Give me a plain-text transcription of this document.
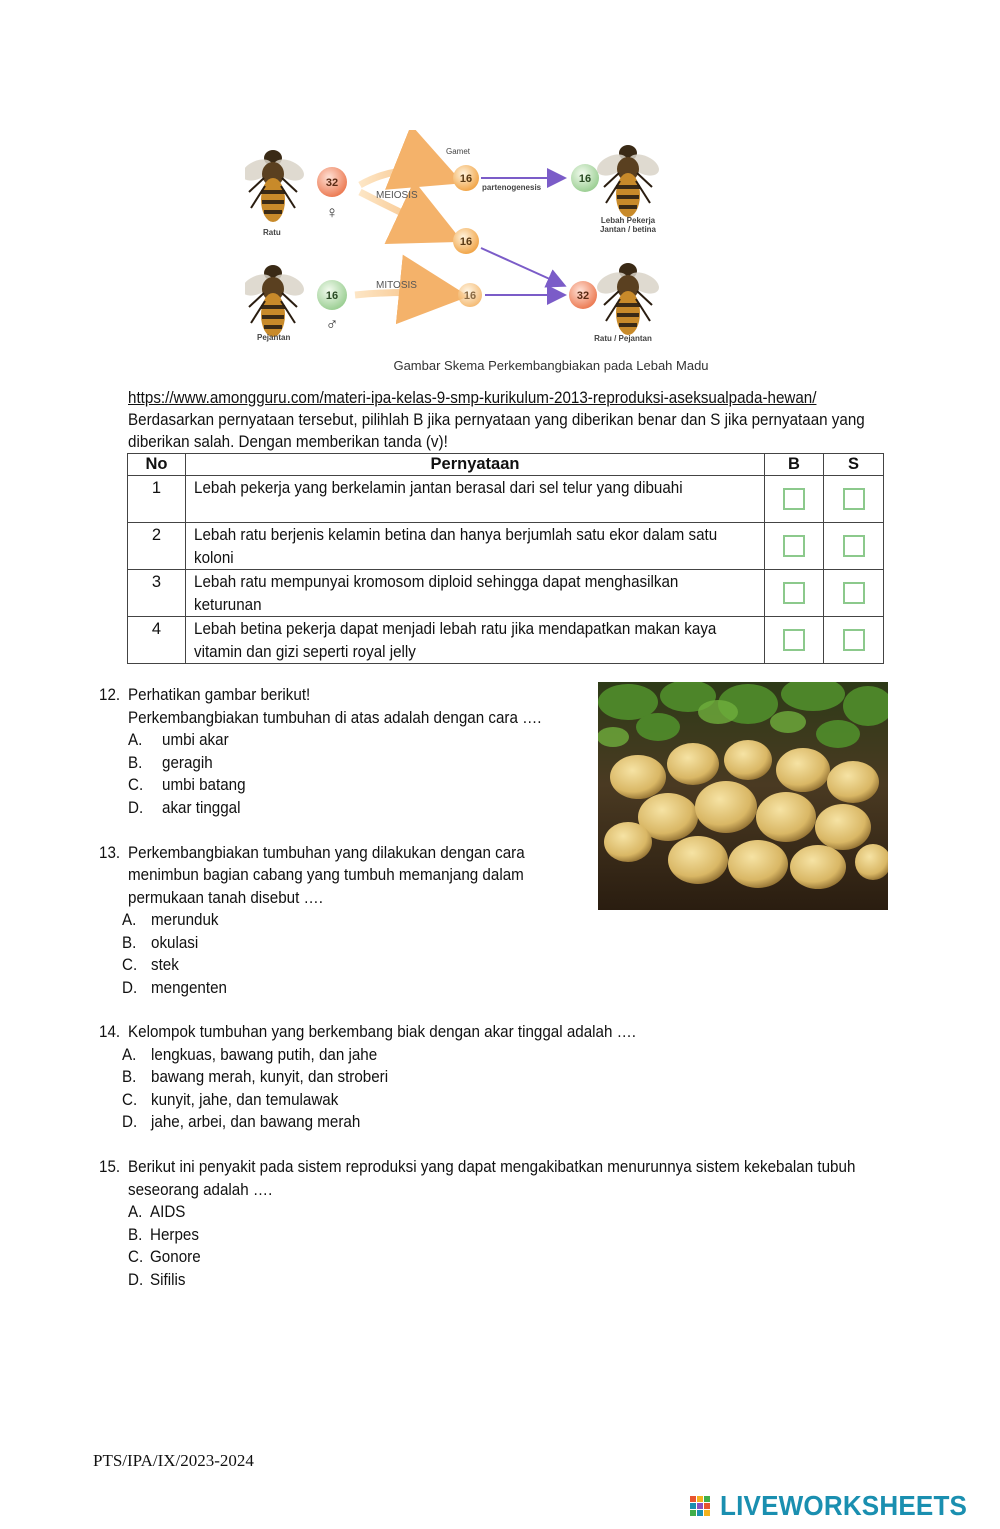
32	16	16
16
16	16	32
♀
♂
Gamet
MEIOSIS
MITOSIS
partenogenesis
Ratu
Pejantan
Lebah Pekerja
Jantan / betina
Ratu / Pejantan
Gambar Skema Perkembangbiakan pada Lebah Madu
https://www.amongguru.com/materi-ipa-kelas-9-smp-kurikulum-2013-reproduksi-aseksualpada-hewan/
Berdasarkan pernyataan tersebut, pilihlah B jika pernyataan yang diberikan benar dan S jika pernyataan yang
diberikan salah. Dengan memberikan tanda (v)!
No	Pernyataan	B	S
1	Lebah pekerja yang berkelamin jantan berasal dari sel telur yang dibuahi		

2	Lebah ratu berjenis kelamin betina dan hanya berjumlah satu ekor dalam satu
koloni		

3	Lebah ratu mempunyai kromosom diploid sehingga dapat menghasilkan
keturunan		

4	Lebah betina pekerja dapat menjadi lebah ratu jika mendapatkan makan kaya
vitamin dan gizi seperti royal jelly		

12. Perhatikan gambar berikut!
Perkembangbiakan tumbuhan di atas adalah dengan cara ….
A. umbi akar
B. geragih
C. umbi batang
D. akar tinggal
13. Perkembangbiakan tumbuhan yang dilakukan dengan cara
menimbun bagian cabang yang tumbuh memanjang dalam
permukaan tanah disebut ….
A. merunduk
B. okulasi
C. stek
D. mengenten
14. Kelompok tumbuhan yang berkembang biak dengan akar tinggal adalah ….
A. lengkuas, bawang putih, dan jahe
B. bawang merah, kunyit, dan stroberi
C. kunyit, jahe, dan temulawak
D. jahe, arbei, dan bawang merah
15. Berikut ini penyakit pada sistem reproduksi yang dapat mengakibatkan menurunnya sistem kekebalan tubuh
seseorang adalah ….
A. AIDS
B. Herpes
C. Gonore
D. Sifilis
PTS/IPA/IX/2023-2024
LIVEWORKSHEETS
